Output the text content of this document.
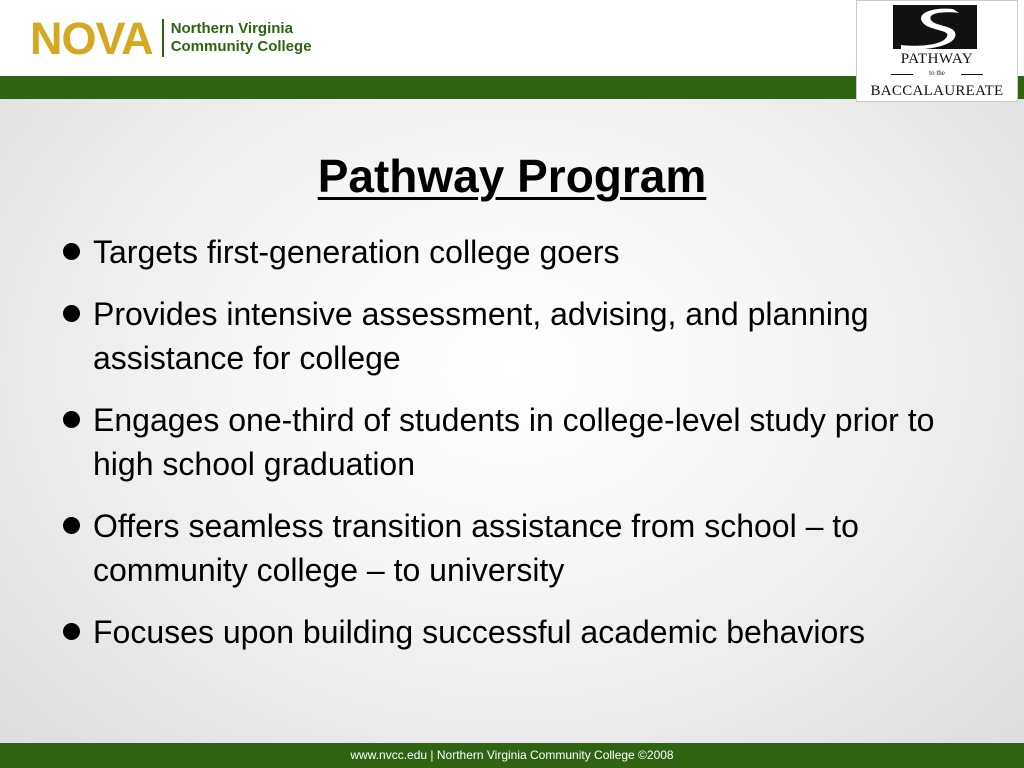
NOVA Northern Virginia
Community College
PATHWAY
to the
BACCALAUREATE
Pathway Program
Targets first-generation college goers
Provides intensive assessment, advising, and planning assistance for college
Engages one-third of students in college-level study prior to high school graduation
Offers seamless transition assistance from school – to community college – to university
Focuses upon building successful academic behaviors
www.nvcc.edu | Northern Virginia Community College ©2008
